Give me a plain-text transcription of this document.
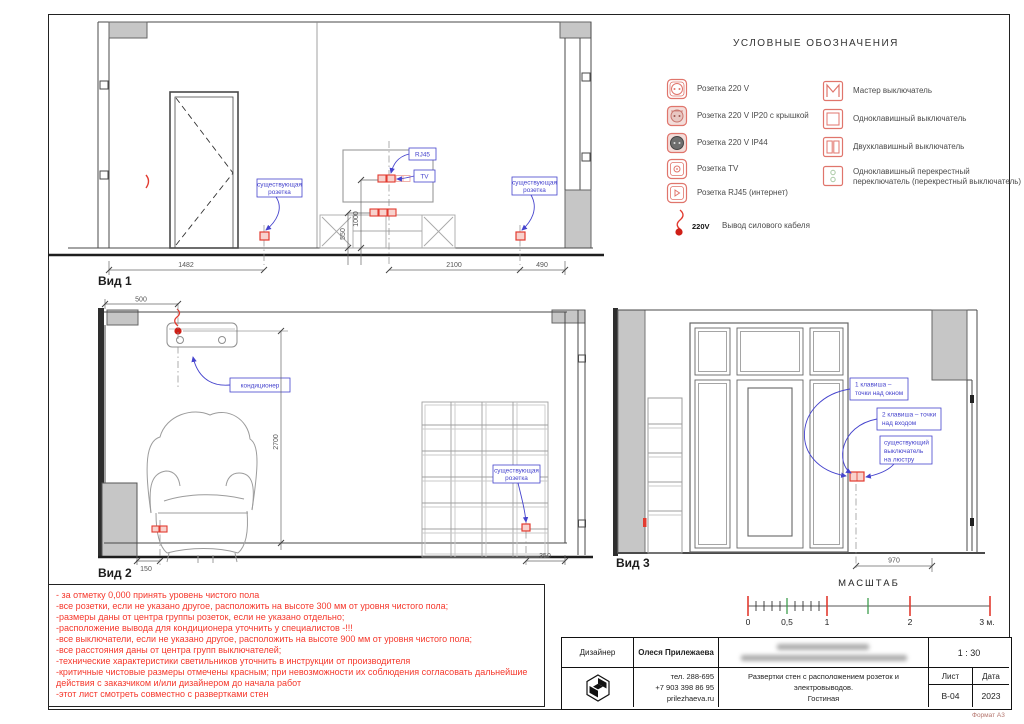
RJ45
TV
существующая
розетка
существующая
розетка
1482	2100	490
1000
550
Вид 1
кондиционер
существующая
розетка
500
2700
150
350
Вид 2
1 клавиша –
точки над окном
2 клавиша – точки
над входом
существующий
выключатель
на люстру
970
Вид 3
УСЛОВНЫЕ ОБОЗНАЧЕНИЯ
Розетка 220 V
Розетка 220 V IP20 с крышкой
Розетка 220 V IP44
Розетка TV
Розетка RJ45 (интернет)
220V Вывод силового кабеля
Мастер выключатель
Одноклавишный выключатель
Двухклавишный выключатель
Одноклавишный перекрестный переключатель (перекрестный выключатель)
МАСШТАБ
0	0,5	1	2	3 м.
- за отметку 0,000 принять уровень чистого пола
-все розетки, если не указано другое, расположить на высоте 300 мм от уровня чистого пола;
-размеры даны от центра группы розеток, если не указано отдельно;
-расположение вывода для кондиционера уточнить у специалистов -!!!
-все выключатели, если не указано другое, расположить на высоте 900 мм от уровня чистого пола;
-все расстояния даны от центра групп выключателей;
-технические характеристики светильников уточнить в инструкции от производителя
-критичные чистовые размеры отмечены красным; при невозможности их соблюдения согласовать дальнейшие действия с заказчиком и/или дизайнером до начала работ
-этот лист смотреть совместно с развертками стен
Дизайнер	Олеся Прилежаева	1 : 30
тел. 288-695
+7 903 398 86 95
prilezhaeva.ru
Развертки стен с расположением розеток и электровыводов.
Гостиная
Лист	Дата
В-04	2023
Формат А3
